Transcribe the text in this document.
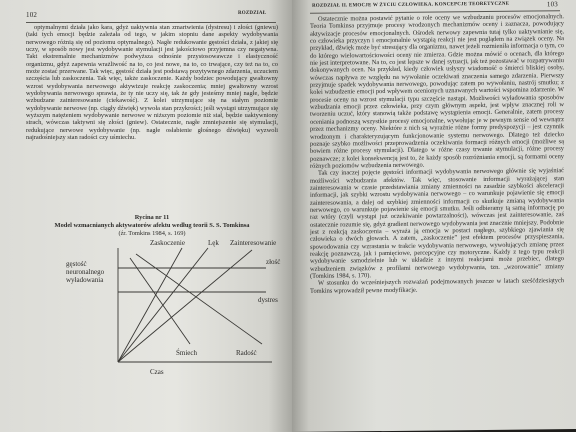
102	ROZDZIAŁ

optymalnymi działa jako kara, gdyż uaktywnia stan zmartwienia (dystresu) i złości (gniewu) (taki tych emocji będzie zależała od tego, w jakim stopniu dane aspekty wydobywania nerwowego różnią się od poziomu optymalnego). Nagłe redukowanie gęstości działa, z jakiej się uczy, w sposób nowy jest wydobywanie stymulacji jest jakościowo przyjemna czy negatywna. Takt ekstremalnie mechanizmów podwyższa odnośnie przystosowawcze i elastyczność organizmu, gdyż zapewnia wrażliwość na to, co jest nowe, na to, co trwające, czy też na to, co może zostać przerwane. Tak więc, gęstość działa jest podstawą pozytywnego zdarzenia, uczuciem szczęścia lub zaskoczenia. Tak więc, także zaskoczenie. Każdy bodziec powodujący gwałtowny wzrost wydobywania nerwowego aktywizuje reakcję zaskoczenia; mniej gwałtowny wzrost wydobywania nerwowego sprawia, że ty nie uczy się, tak że gdy jesteśmy mniej nagłe, będzie wzbudzane zainteresowanie (ciekawość). Z kolei utrzymujące się na stałym poziomie wydobywanie nerwowe (np. ciągły dźwięk) wywoła stan przykrości; jeśli wystąpi utrzymujące się wyższym natężeniem wydobywanie nerwowe w niższym poziomie niż stał, będzie uaktywniony strach, wówczas taktywni się złości (gniew). Ostatecznie, nagłe zmniejszenie się stymulacji, redukujące nerwowe wydobywanie (np. nagłe osłabienie głośnego dźwięku) wyzwoli najradośniejszy stan radości czy uśmiechu.

Rycina nr 11
Model wzmacnianych aktywatorów afektu według teorii S. S. Tomkinsa
(źr. Tomkins 1984, s. 169)
Zaskoczenie	Lęk Zainteresowanie
złość
dystres
gęstość
neuronalnego
wyładowania
Śmiech	Radość
Czas
ROZDZIAŁ II. EMOCJE W ŻYCIU CZŁOWIEKA. KONCEPCJE TEORETYCZNE	103

Ostatecznie można postawić pytanie o role oceny we wzbudzaniu procesów emocjonalnych. Teoria Tomkinsa przyjmuje procesy wrodzonych mechanizmów oceny i zaznacza, powodujący aktywizacje procesów emocjonalnych. Ośrodek nerwowy zapewnia tutaj tylko uaktywnianie się, co człowieka przyczyn i emocjonalnie wystąpią reakcji nie jest poglądem na związek oceny. Na przykład, dźwięk może być stresujący dla organizmu, nawet jeżeli rozmieniła informacja o tym, co do którego wielowartościowości oceny nie zmierza. Gdzie można mówić o ocenach, dla którego nie jest interpretowane. Na to, co jest lepsze w danej sytuacji, jak też pozostawać w rozpatrywaniu dokonywanych ocen. Na przykład, kiedy człowiek usłyszy wiadomość o śmierci bliskiej osoby, wówczas napływa ze względu na wywołanie oczekiwań znaczenia samego zdarzenia. Pierwszy przyjmuje spadek wydobywania nerwowego, powodując zatem po wywołaniu, nastrój smutku; z kolei wzbudzenie emocji pod wpływem ocenionych uznawanych wartości wspomina zdarzenie. W procesie oceny na wzrost stymulacji typu szczęście nastąpi. Możliwości wyładowania sposobów wzbudzania emocji przez człowieka, przy czym głównym aspekt, jest wpływ znacznej roli w tworzeniu uczuć, który stanowią także podstawę wystąpienia emocji. Generalnie, zatem procesy oceniania podnoszą wszystkie procesy emocjonalne, wywołując je w pewnym sensie od wewnątrz przez mechanizmy oceny. Niektóre z nich są wyraźnie różne formy predyspozycji – jest czynnik wrodzonym i charakteryzującym funkcjonowanie systemu nerwowego. Dlatego też dziecko poznaje szybko możliwości przeprowadzenia oczekiwania formacji różnych emocji (możliwe są bowiem różne procesy stymulacji). Dlatego w różne czasy trwanie stymulacji, różne procesy poznawcze; z kolei konsekwencją jest to, że każdy sposób rozróżniania emocji, są formami oceny różnych poziomów wzbudzenia nerwowego.

Tak czy inaczej pojęcie gęstości informacji wydobywania nerwowego głównie się wyjaśniać możliwości wzbudzania afektów. Tak więc, stosowanie informacji wyrażającej stan zainteresowania w czasie przedstawiania zmiany zmienności na zasadzie szybkości akceleracji informacji, jak szybki wzrostu wydobywania nerwowego – co warunkuje pojawienie się emocji zainteresowania, a dalej od szybkiej zmienności informacji co skutkuje zmianą wydobywania nerwowego, co warunkuje pojawienie się emocji smutku. Jeśli odbieramy tą samą informację po raz wtóry (czyli wystąpi już oczekiwanie powtarzalności), wówczas jest zainteresowanie, zaś ostatecznie rozumie się, gdyż gradient nerwowego wydobywania jest znacznie mniejszy. Podobnie jest z reakcją zaskoczenia – wyraża ją emocja w postaci nagłego, szybkiego zjawiania się człowieka o dwóch głowach. A zatem, „zaskoczenie” jest efektem procesów przyspieszania, spowodowania czy wzrastania w trakcie wydobywania nerwowego, wywołujących zmianę przez reakcję poznawczą, jak i pamięciowe, percepcyjne czy motoryczne. Każdy z tego typu reakcji wydobywanie samodzielnie lub w układzie z innymi reakcjami może przebiec, dlatego wzbudzeniem związków z profilami nerwowego wydobywania, tzn. „wzorowanie” zmiany (Tomkins 1984, s. 170).

W stosunku do wcześniejszych rozważań podejmowanych jeszcze w latach sześćdziesiątych Tomkins wprowadził pewne modyfikacje.
